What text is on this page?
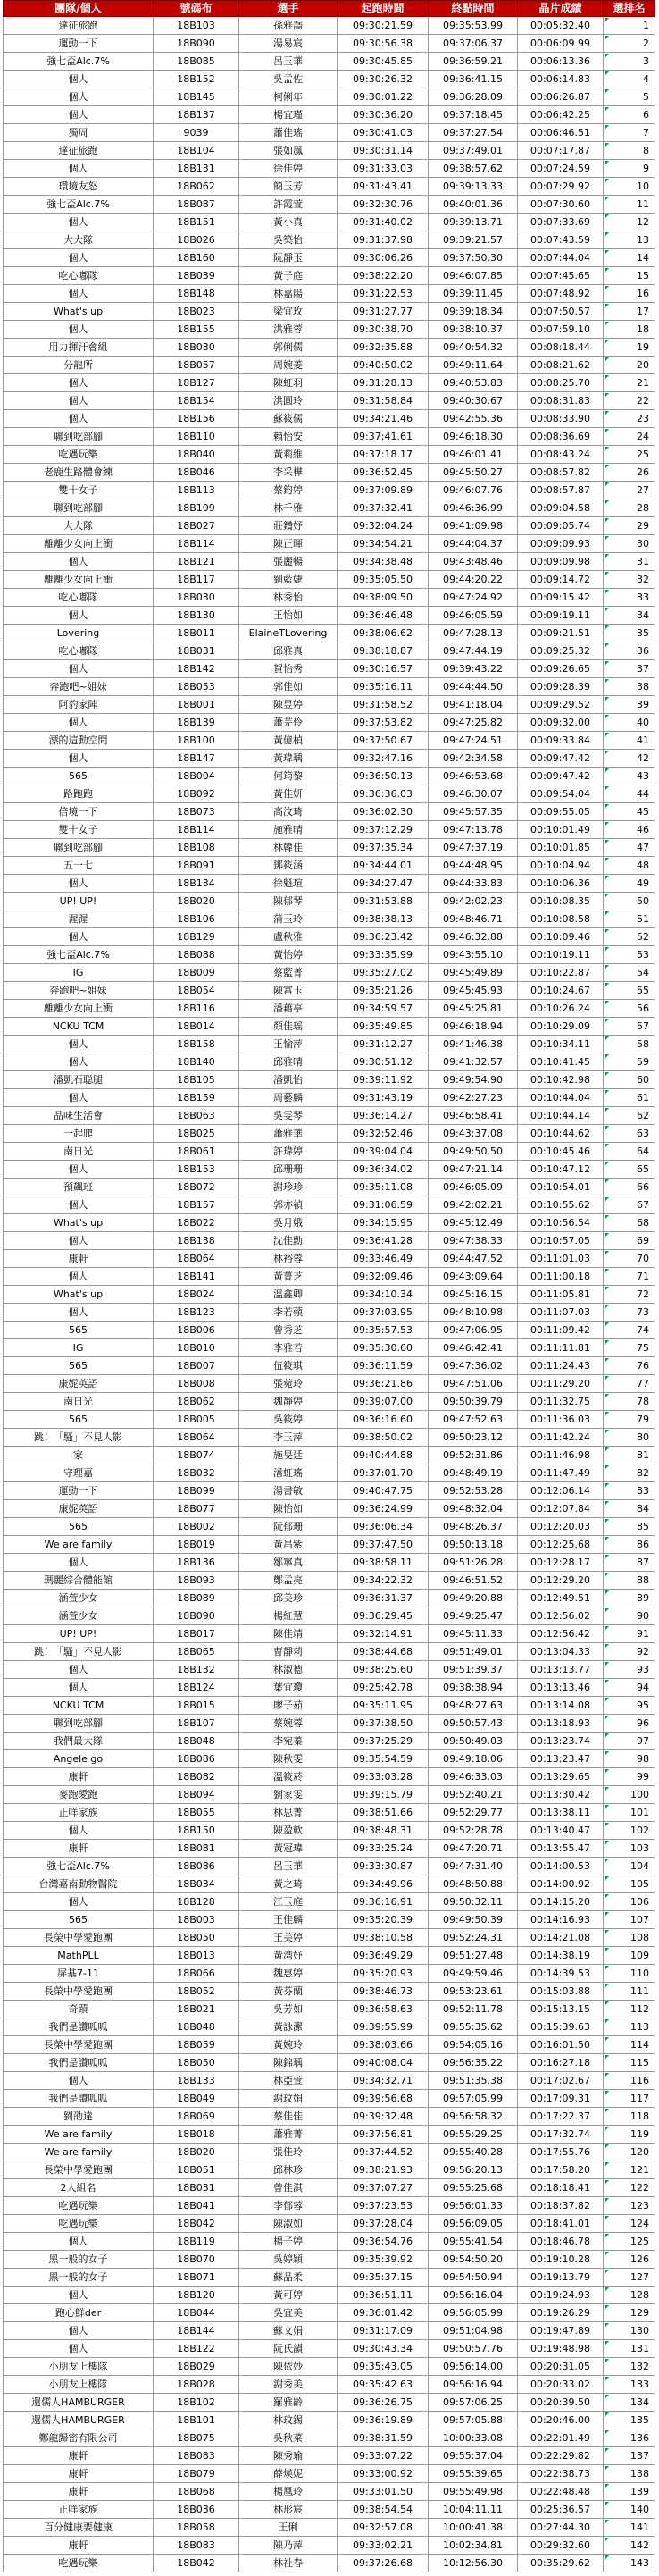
團隊/個人	號碼布	選手	起跑時間	終點時間	晶片成績	選排名
達征旅跑	18B103	孫雅喬	09:30:21.59	09:35:53.99	00:05:32.40	1
運動一下	18B090	湯易宸	09:30:56.38	09:37:06.37	00:06:09.99	2
強七盃Alc.7%	18B085	呂玉華	09:30:45.85	09:36:59.21	00:06:13.36	3
個人	18B152	吳孟佐	09:30:26.32	09:36:41.15	00:06:14.83	4
個人	18B145	柯俐年	09:30:01.22	09:36:28.09	00:06:26.87	5
個人	18B137	楊宜瑾	09:30:36.20	09:37:18.45	00:06:42.25	6
獨周	9039	蕭佳瑤	09:30:41.03	09:37:27.54	00:06:46.51	7
達征旅跑	18B104	張如鳳	09:30:31.14	09:37:49.01	00:07:17.87	8
個人	18B131	徐佳婷	09:31:33.03	09:38:57.62	00:07:24.59	9
環境友怒	18B062	簡玉芳	09:31:43.41	09:39:13.33	00:07:29.92	10
強七盃Alc.7%	18B087	許霞萱	09:32:30.76	09:40:01.36	00:07:30.60	11
個人	18B151	黃小真	09:31:40.02	09:39:13.71	00:07:33.69	12
大大隊	18B026	吳築怡	09:31:37.98	09:39:21.57	00:07:43.59	13
個人	18B160	阮靜玉	09:30:06.26	09:37:50.30	00:07:44.04	14
吃心嘟隊	18B039	黃子庭	09:38:22.20	09:46:07.85	00:07:45.65	15
個人	18B148	林嘉陽	09:31:22.53	09:39:11.45	00:07:48.92	16
What's up	18B023	梁宜玫	09:31:27.77	09:39:18.34	00:07:50.57	17
個人	18B155	洪雅蓉	09:30:38.70	09:38:10.37	00:07:59.10	18
用力揮汗會組	18B030	郭俐儒	09:32:35.88	09:40:54.32	00:08:18.44	19
分龍所	18B057	周婉菱	09:40:50.02	09:49:11.64	00:08:21.62	20
個人	18B127	陳虹羽	09:31:28.13	09:40:53.83	00:08:25.70	21
個人	18B154	洪圓玲	09:31:58.84	09:40:30.67	00:08:31.83	22
個人	18B156	蘇筱儒	09:34:21.46	09:42:55.36	00:08:33.90	23
聯到吃部腳	18B110	賴怡安	09:37:41.61	09:46:18.30	00:08:36.69	24
吃遇玩樂	18B040	黃莉維	09:37:18.17	09:46:01.41	00:08:43.24	25
老鹿生路體會練	18B046	李采樺	09:36:52.45	09:45:50.27	00:08:57.82	26
雙十女子	18B113	蔡鈞婷	09:37:09.89	09:46:07.76	00:08:57.87	27
聯到吃部腳	18B109	林千雅	09:37:32.41	09:46:36.99	00:09:04.58	28
大大隊	18B027	莊鑽妤	09:32:04.24	09:41:09.98	00:09:05.74	29
離離少女向上衝	18B114	陳正暉	09:34:54.21	09:44:04.37	00:09:09.93	30
個人	18B121	張麗暢	09:34:38.48	09:43:48.46	00:09:09.98	31
離離少女向上衝	18B117	劉藍婕	09:35:05.50	09:44:20.22	00:09:14.72	32
吃心嘟隊	18B030	林秀怡	09:38:09.50	09:47:24.92	00:09:15.42	33
個人	18B130	王怡如	09:36:46.48	09:46:05.59	00:09:19.11	34
Lovering	18B011	ElaineTLovering	09:38:06.62	09:47:28.13	00:09:21.51	35
吃心嘟隊	18B031	邱雅真	09:38:18.87	09:47:44.19	00:09:25.32	36
個人	18B142	賀怡秀	09:30:16.57	09:39:43.22	00:09:26.65	37
奔跑吧~姐妹	18B053	郭佳如	09:35:16.11	09:44:44.50	00:09:28.39	38
阿豹家陣	18B001	陳昱婷	09:31:58.52	09:41:18.04	00:09:29.52	39
個人	18B139	蕭芫伶	09:37:53.82	09:47:25.82	00:09:32.00	40
漂的這動空間	18B100	黃億楨	09:37:50.67	09:47:24.51	00:09:33.84	41
個人	18B147	黃瑋瑀	09:32:47.16	09:42:34.58	00:09:47.42	42
565	18B004	何筠黎	09:36:50.13	09:46:53.68	00:09:47.42	43
路跑跑	18B092	黃佳妍	09:36:36.03	09:46:30.07	00:09:54.04	44
倍境一下	18B073	高汶琦	09:36:02.30	09:45:57.35	00:09:55.05	45
雙十女子	18B114	施雅晴	09:37:12.29	09:47:13.78	00:10:01.49	46
聯到吃部腳	18B108	林韓佳	09:37:35.34	09:47:37.19	00:10:01.85	47
五一七	18B091	鄧筱涵	09:34:44.01	09:44:48.95	00:10:04.94	48
個人	18B134	徐魁瑄	09:34:27.47	09:44:33.83	00:10:06.36	49
UP! UP!	18B020	陳郁琴	09:31:53.88	09:42:02.23	00:10:08.35	50
渥渥	18B106	蒲玉玲	09:38:38.13	09:48:46.71	00:10:08.58	51
個人	18B129	盧秋雅	09:36:23.42	09:46:32.88	00:10:09.46	52
強七盃Alc.7%	18B088	黃怡婷	09:33:35.99	09:43:55.10	00:10:19.11	53
IG	18B009	蔡藍菁	09:35:27.02	09:45:49.89	00:10:22.87	54
奔跑吧~姐妹	18B054	陳富玉	09:35:21.26	09:45:45.93	00:10:24.67	55
離離少女向上衝	18B116	潘藉亭	09:34:59.57	09:45:25.81	00:10:26.24	56
NCKU TCM	18B014	顏佳瑶	09:35:49.85	09:46:18.94	00:10:29.09	57
個人	18B158	王愉萍	09:31:12.27	09:41:46.38	00:10:34.11	58
個人	18B140	邱雅晴	09:30:51.12	09:41:32.57	00:10:41.45	59
潘凱石聪腿	18B105	潘凱怡	09:39:11.92	09:49:54.90	00:10:42.98	60
個人	18B159	周藝麟	09:31:43.19	09:42:27.23	00:10:44.04	61
品味生活會	18B063	吳雯琴	09:36:14.27	09:46:58.41	00:10:44.14	62
一起爬	18B025	蕭雅華	09:32:52.46	09:43:37.08	00:10:44.62	63
南日光	18B061	許瑋婷	09:39:04.04	09:49:50.50	00:10:45.46	64
個人	18B153	邱珊珊	09:36:34.02	09:47:21.14	00:10:47.12	65
預飆班	18B072	謝珍珍	09:35:11.08	09:46:05.09	00:10:54.01	66
個人	18B157	郭亦禎	09:31:06.59	09:42:02.21	00:10:55.62	67
What's up	18B022	吳月娥	09:34:15.95	09:45:12.49	00:10:56.54	68
個人	18B138	沈佳勳	09:36:41.28	09:47:38.33	00:10:57.05	69
康軒	18B064	林裕蓉	09:33:46.49	09:44:47.52	00:11:01.03	70
個人	18B141	黃菁芝	09:32:09.46	09:43:09.64	00:11:00.18	71
What's up	18B024	溫鑫卿	09:34:10.34	09:45:16.15	00:11:05.81	72
個人	18B123	李若蘋	09:37:03.95	09:48:10.98	00:11:07.03	73
565	18B006	曾秀芝	09:35:57.53	09:47:06.95	00:11:09.42	74
IG	18B010	李雅若	09:35:30.60	09:46:42.41	00:11:11.81	75
565	18B007	伍筱琪	09:36:11.59	09:47:36.02	00:11:24.43	76
康妮英語	18B008	張菀玲	09:36:21.86	09:47:51.06	00:11:29.20	77
南日光	18B062	魏靜婷	09:39:07.00	09:50:39.79	00:11:32.75	78
565	18B005	吳筱婷	09:36:16.60	09:47:52.63	00:11:36.03	79
跳！「騷」不見人影	18B064	李玉萍	09:38:50.02	09:50:23.12	00:11:42.24	80
家	18B074	施旻廷	09:40:44.88	09:52:31.86	00:11:46.98	81
守理嘉	18B032	潘虹瑤	09:37:01.70	09:48:49.19	00:11:47.49	82
運動一下	18B099	湯書敏	09:40:47.75	09:52:53.28	00:12:06.14	83
康妮英語	18B077	陳怡如	09:36:24.99	09:48:32.04	00:12:07.84	84
565	18B002	阮郁珊	09:36:06.34	09:48:26.37	00:12:20.03	85
We are family	18B019	黃昌紫	09:37:47.50	09:50:13.18	00:12:25.68	86
個人	18B136	鄒寧真	09:38:58.11	09:51:26.28	00:12:28.17	87
瑪麗綜合體能館	18B093	鄭孟亮	09:34:22.32	09:46:51.52	00:12:29.20	88
涵萱少女	18B089	邱美珍	09:36:31.37	09:49:20.88	00:12:49.51	89
涵萱少女	18B090	楊紅慧	09:36:29.45	09:49:25.47	00:12:56.02	90
UP! UP!	18B017	陳佳靖	09:32:14.91	09:45:11.33	00:12:56.42	91
跳！「騷」不見人影	18B065	曹靜莉	09:38:44.68	09:51:49.01	00:13:04.33	92
個人	18B132	林淑德	09:38:25.60	09:51:39.37	00:13:13.77	93
個人	18B124	葉宜瓊	09:25:42.78	09:38:38.94	00:13:13.46	94
NCKU TCM	18B015	廖子茹	09:35:11.95	09:48:27.63	00:13:14.08	95
聯到吃部腳	18B107	蔡婉蓉	09:37:38.50	09:50:57.43	00:13:18.93	96
我們最大隊	18B048	李宛蓁	09:37:25.29	09:50:49.03	00:13:23.74	97
Angele go	18B086	陳秋雯	09:35:54.59	09:49:18.06	00:13:23.47	98
康軒	18B082	溫筱菸	09:33:03.28	09:46:33.03	00:13:29.65	99
麥跑愛跑	18B094	劉家雯	09:39:15.79	09:52:40.21	00:13:30.42	100
正咩家族	18B055	林思菁	09:38:51.66	09:52:29.77	00:13:38.11	101
個人	18B150	陳盈軟	09:38:48.31	09:52:28.78	00:13:40.47	102
康軒	18B081	黃冠瑋	09:33:25.24	09:47:20.71	00:13:55.47	103
強七盃Alc.7%	18B086	呂玉華	09:33:30.87	09:47:31.40	00:14:00.53	104
台灣嘉南動物醫院	18B034	黃之琦	09:34:49.96	09:48:50.88	00:14:00.92	105
個人	18B128	江玉庭	09:36:16.91	09:50:32.11	00:14:15.20	106
565	18B003	王佳麟	09:35:20.39	09:49:50.39	00:14:16.93	107
長榮中學愛跑團	18B050	王美婷	09:38:10.58	09:52:24.31	00:14:21.08	108
MathPLL	18B013	黃湾妤	09:36:49.29	09:51:27.48	00:14:38.19	109
屏基7-11	18B066	魏惠婷	09:35:20.93	09:49:59.46	00:14:39.53	110
長榮中學愛跑團	18B052	黃芬蘭	09:38:46.73	09:53:23.61	00:15:03.88	111
奇蹟	18B021	吳芳如	09:36:58.63	09:52:11.78	00:15:13.15	112
我們是讚呱呱	18B048	黃詠潔	09:39:55.99	09:55:35.62	00:15:39.63	113
長榮中學愛跑團	18B059	黃婉玲	09:38:03.66	09:54:05.16	00:16:01.50	114
我們是讚呱呱	18B050	陳錦瑀	09:40:08.04	09:56:35.22	00:16:27.18	115
個人	18B133	林亞萱	09:34:32.71	09:51:35.38	00:17:02.67	116
我們是讚呱呱	18B049	謝玟娟	09:39:56.68	09:57:05.99	00:17:09.31	117
劉劭達	18B069	蔡佳佳	09:39:32.48	09:56:58.32	00:17:22.37	118
We are family	18B018	蕭雅菁	09:37:56.81	09:55:29.25	00:17:32.74	119
We are family	18B020	張佳玲	09:37:44.52	09:55:40.28	00:17:55.76	120
長榮中學愛跑團	18B051	邱林珍	09:38:21.93	09:56:20.13	00:17:58.20	121
2人組名	18B031	曾佳淇	09:37:07.27	09:55:25.68	00:18:18.41	122
吃遇玩樂	18B041	李郁蓉	09:37:23.53	09:56:01.33	00:18:37.82	123
吃遇玩樂	18B042	陳淑如	09:37:28.04	09:56:09.05	00:18:41.01	124
個人	18B119	楊子婷	09:36:54.76	09:55:41.54	00:18:46.78	125
黑一般的女子	18B070	吳婷穎	09:35:39.92	09:54:50.20	00:19:10.28	126
黑一般的女子	18B071	蘇品柔	09:35:37.15	09:54:50.94	00:19:13.79	127
個人	18B120	黃可婷	09:36:51.11	09:56:16.04	00:19:24.93	128
跑心鮮der	18B044	吳宜美	09:36:01.42	09:56:05.99	00:19:26.29	129
個人	18B144	蘇文娟	09:31:17.09	09:51:04.98	00:19:47.89	130
個人	18B122	阮氏韻	09:30:43.34	09:50:57.76	00:19:48.98	131
小朋友上樓隊	18B029	陳依妙	09:35:43.05	09:56:14.00	00:20:31.05	132
小朋友上樓隊	18B028	謝秀美	09:35:42.63	09:56:16.94	00:20:33.02	133
還儒人HAMBURGER	18B102	羅雅齡	09:36:26.75	09:57:06.25	00:20:39.50	134
還儒人HAMBURGER	18B101	林玟錫	09:36:19.89	09:57:05.88	00:20:46.00	135
鄭龍歸密有限公司	18B075	吳秋菜	09:38:31.59	10:00:33.08	00:22:01.49	136
康軒	18B083	陳秀瑜	09:33:07.22	09:55:37.04	00:22:29.82	137
康軒	18B079	薛煐妮	09:33:00.92	09:55:39.65	00:22:38.73	138
康軒	18B068	楊凰玲	09:33:01.50	09:55:49.98	00:22:48.48	139
正咩家族	18B036	林形宸	09:38:54.54	10:04:11.11	00:25:36.57	140
百分健康要健康	18B058	王俐	09:32:57.08	10:00:41.38	00:27:44.30	141
康軒	18B083	陳乃萍	09:33:02.21	10:02:34.81	00:29:32.60	142
吃遇玩樂	18B042	林祉春	09:37:26.68	10:12:56.30	00:35:29.62	143
